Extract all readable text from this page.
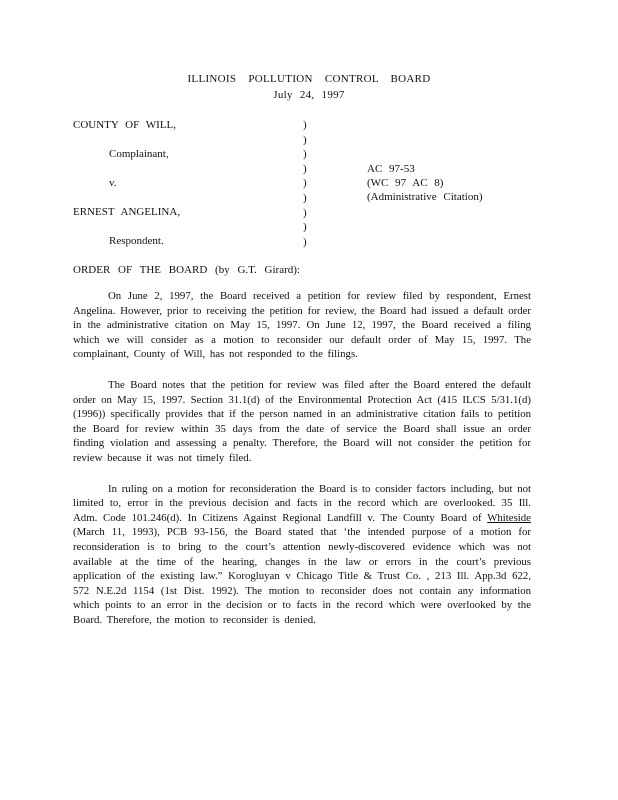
ILLINOIS POLLUTION CONTROL BOARD
July 24, 1997
COUNTY OF WILL,
Complainant,
v.
ERNEST ANGELINA,
Respondent.
)
)
)
)
)
)
)
)
)
AC 97-53
(WC 97 AC 8)
(Administrative Citation)
ORDER OF THE BOARD (by G.T. Girard):

On June 2, 1997, the Board received a petition for review filed by respondent, Ernest Angelina. However, prior to receiving the petition for review, the Board had issued a default order in the administrative citation on May 15, 1997. On June 12, 1997, the Board received a filing which we will consider as a motion to reconsider our default order of May 15, 1997. The complainant, County of Will, has not responded to the filings.

The Board notes that the petition for review was filed after the Board entered the default order on May 15, 1997. Section 31.1(d) of the Environmental Protection Act (415 ILCS 5/31.1(d) (1996)) specifically provides that if the person named in an administrative citation fails to petition the Board for review within 35 days from the date of service the Board shall issue an order finding violation and assessing a penalty. Therefore, the Board will not consider the petition for review because it was not timely filed.

In ruling on a motion for reconsideration the Board is to consider factors including, but not limited to, error in the previous decision and facts in the record which are overlooked. 35 Ill. Adm. Code 101.246(d). In Citizens Against Regional Landfill v. The County Board of Whiteside (March 11, 1993), PCB 93-156, the Board stated that ‘the intended purpose of a motion for reconsideration is to bring to the court’s attention newly-discovered evidence which was not available at the time of the hearing, changes in the law or errors in the court’s previous application of the existing law.” Korogluyan v Chicago Title & Trust Co. , 213 Ill. App.3d 622, 572 N.E.2d 1154 (1st Dist. 1992). The motion to reconsider does not contain any information which points to an error in the decision or to facts in the record which were overlooked by the Board. Therefore, the motion to reconsider is denied.
